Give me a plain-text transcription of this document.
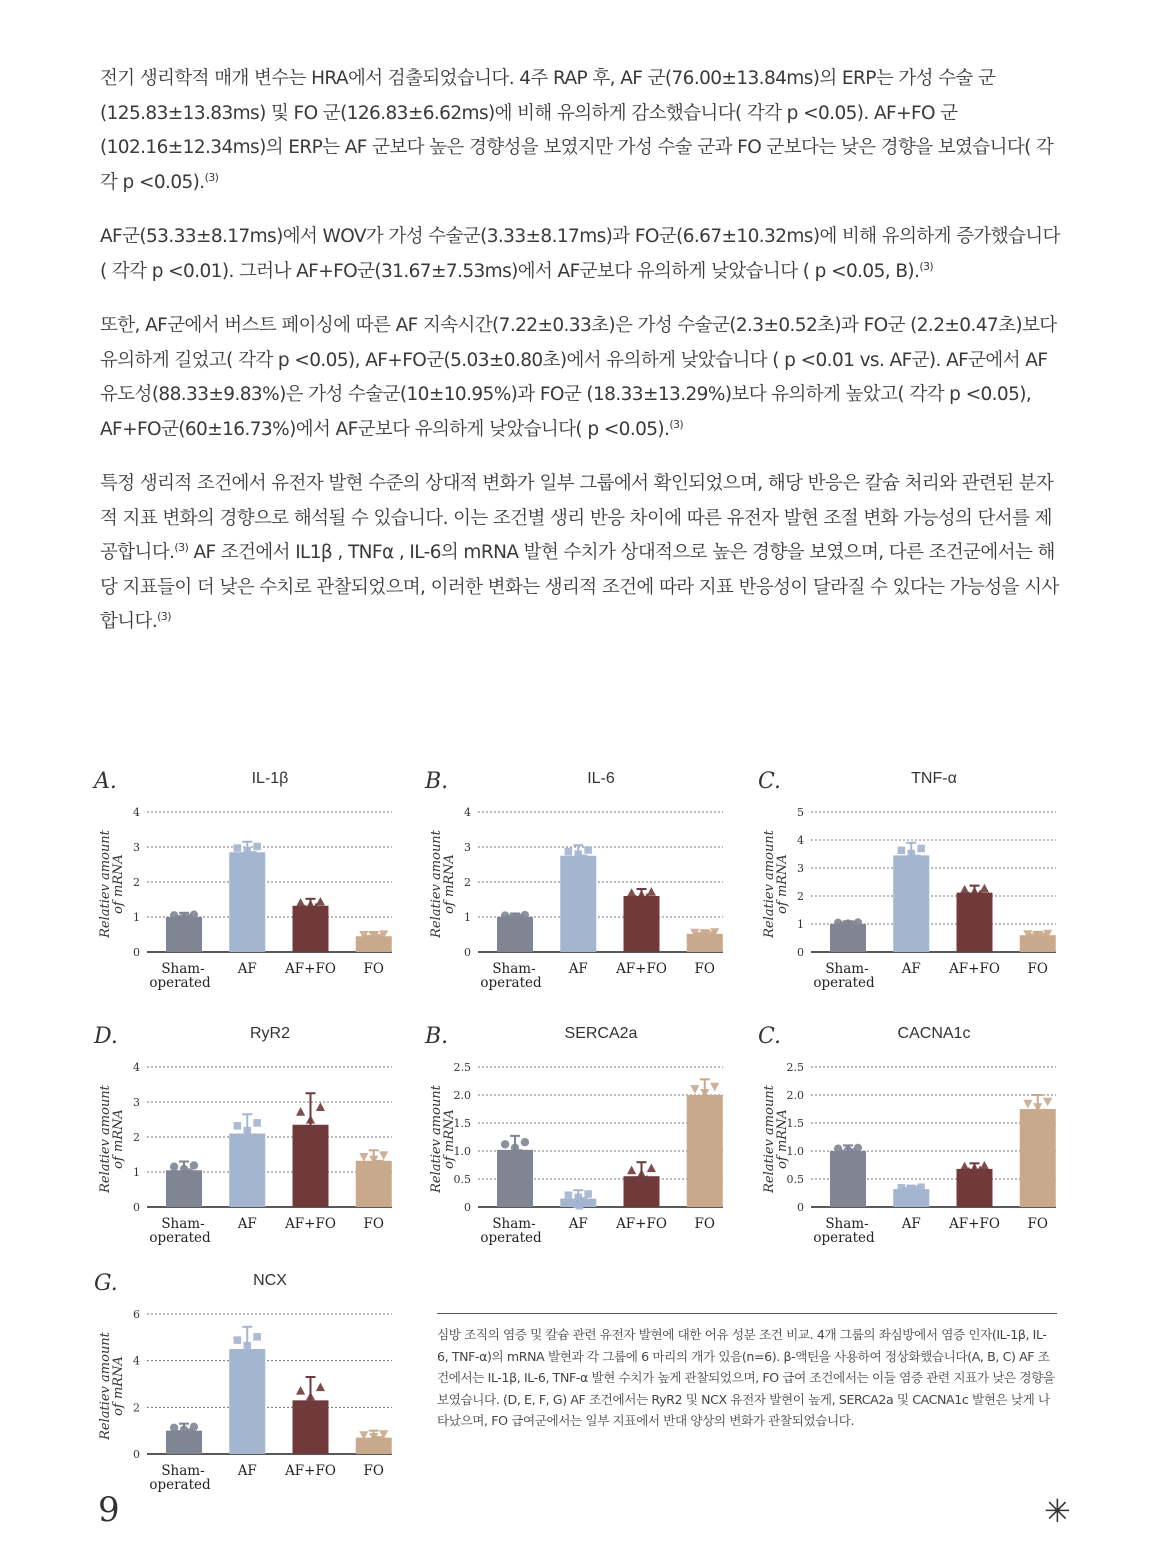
전기 생리학적 매개 변수는 HRA에서 검출되었습니다. 4주 RAP 후, AF 군(76.00±13.84ms)의 ERP는 가성 수술 군(125.83±13.83ms) 및 FO 군(126.83±6.62ms)에 비해 유의하게 감소했습니다( 각각 p <0.05). AF+FO 군(102.16±12.34ms)의 ERP는 AF 군보다 높은 경향성을 보였지만 가성 수술 군과 FO 군보다는 낮은 경향을 보였습니다( 각각 p <0.05).$^{(3)}$

AF군(53.33±8.17ms)에서 WOV가 가성 수술군(3.33±8.17ms)과 FO군(6.67±10.32ms)에 비해 유의하게 증가했습니다( 각각 p <0.01). 그러나 AF+FO군(31.67±7.53ms)에서 AF군보다 유의하게 낮았습니다 ( p <0.05, B).$^{(3)}$

또한, AF군에서 버스트 페이싱에 따른 AF 지속시간(7.22±0.33초)은 가성 수술군(2.3±0.52초)과 FO군 (2.2±0.47초)보다 유의하게 길었고( 각각 p <0.05), AF+FO군(5.03±0.80초)에서 유의하게 낮았습니다 ( p <0.01 vs. AF군). AF군에서 AF 유도성(88.33±9.83%)은 가성 수술군(10±10.95%)과 FO군 (18.33±13.29%)보다 유의하게 높았고( 각각 p <0.05), AF+FO군(60±16.73%)에서 AF군보다 유의하게 낮았습니다( p <0.05).$^{(3)}$

특정 생리적 조건에서 유전자 발현 수준의 상대적 변화가 일부 그룹에서 확인되었으며, 해당 반응은 칼슘 처리와 관련된 분자적 지표 변화의 경향으로 해석될 수 있습니다. 이는 조건별 생리 반응 차이에 따른 유전자 발현 조절 변화 가능성의 단서를 제공합니다.$^{(3)}$ AF 조건에서 IL1β , TNFα , IL-6의 mRNA 발현 수치가 상대적으로 높은 경향을 보였으며, 다른 조건군에서는 해당 지표들이 더 낮은 수치로 관찰되었으며, 이러한 변화는 생리적 조건에 따라 지표 반응성이 달라질 수 있다는 가능성을 시사합니다.$^{(3)}$

A.	IL-1β
Relatiev amountof mRNA
0
1
2
3
4
Sham-
operated
AF AF+FO FO
B.	IL-6
Relatiev amountof mRNA
0
1
2
3
4
Sham-
operated
AF AF+FO FO
C.	TNF-α
Relatiev amountof mRNA
0
1
2
3
4
5
Sham-
operated
AF AF+FO FO
D.	RyR2
Relatiev amountof mRNA
0
1
2
3
4
Sham-
operated
AF AF+FO FO
B.	SERCA2a
Relatiev amountof mRNA
0
0.5
1.0
1.5
2.0
2.5
Sham-
operated
AF AF+FO FO
C.	CACNA1c
Relatiev amountof mRNA
0
0.5
1.0
1.5
2.0
2.5
Sham-
operated
AF AF+FO FO
G.	NCX
Relatiev amountof mRNA
0
2
4
6
Sham-
operated
AF AF+FO FO
심방 조직의 염증 및 칼슘 관련 유전자 발현에 대한 어유 성분 조건 비교. 4개 그룹의 좌심방에서 염증 인자(IL-1β, IL-6, TNF-α)의 mRNA 발현과 각 그룹에 6 마리의 개가 있음(n=6). β-액틴을 사용하여 정상화했습니다(A, B, C) AF 조건에서는 IL-1β, IL-6, TNF-α 발현 수치가 높게 관찰되었으며, FO 급여 조건에서는 이들 염증 관련 지표가 낮은 경향을 보였습니다. (D, E, F, G) AF 조건에서는 RyR2 및 NCX 유전자 발현이 높게, SERCA2a 및 CACNA1c 발현은 낮게 나타났으며, FO 급여군에서는 일부 지표에서 반대 양상의 변화가 관찰되었습니다.
9	✳
